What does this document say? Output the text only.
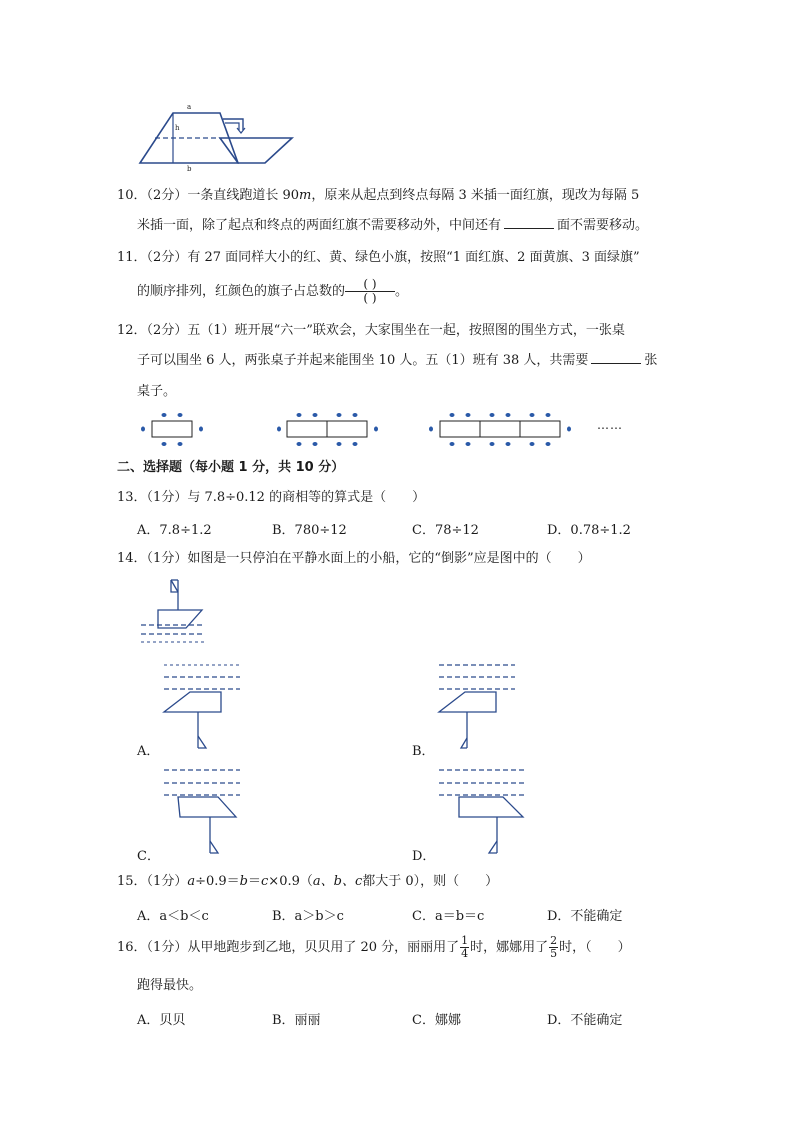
a
h
b
10．（2分）一条直线跑道长 90m，原来从起点到终点每隔 3 米插一面红旗，现改为每隔 5
米插一面，除了起点和终点的两面红旗不需要移动外，中间还有	面不需要移动。
11．（2分）有 27 面同样大小的红、黄、绿色小旗，按照“1 面红旗、2 面黄旗、3 面绿旗”
的顺序排列，红颜色的旗子占总数的 $\frac{( )}{( )}$。
12．（2分）五（1）班开展“六一”联欢会，大家围坐在一起，按照图的围坐方式，一张桌
子可以围坐 6 人，两张桌子并起来能围坐 10 人。五（1）班有 38 人，共需要	张
桌子。
……
二、选择题（每小题 1 分，共 10 分）
13．（1分）与 7.8÷0.12 的商相等的算式是（　　）
A．7.8÷1.2	B．780÷12	C．78÷12	D．0.78÷1.2
14．（1分）如图是一只停泊在平静水面上的小船，它的“倒影”应是图中的（　　）
A．	B．
C．	D．
15．（1分）a÷0.9＝b＝c×0.9（a、b、c都大于 0），则（　　）
A．a＜b＜c	B．a＞b＞c	C．a＝b＝c	D．不能确定
16．（1分）从甲地跑步到乙地，贝贝用了 20 分，丽丽用了 $\frac{1}{4}$ 时，娜娜用了 $\frac{2}{5}$ 时，（　　）
跑得最快。
A．贝贝	B．丽丽	C．娜娜	D．不能确定
